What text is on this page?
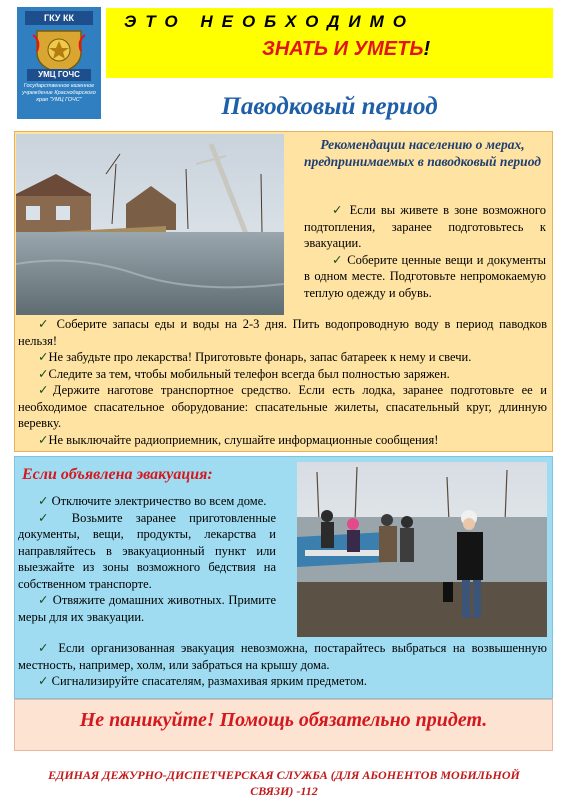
ГКУ КК
УМЦ ГОЧС
Государственное казенное учреждение Краснодарского края "УМЦ ГОЧС"
ЭТО НЕОБХОДИМО
ЗНАТЬ И УМЕТЬ!
Паводковый период
Рекомендации населению о мерах, предпринимаемых в паводковый период
✓ Если вы живете в зоне возможного подтопления, заранее подготовьтесь к эвакуации.
✓ Соберите ценные вещи и документы в одном месте. Подготовьте непромокаемую теплую одежду и обувь.
✓ Соберите запасы еды и воды на 2-3 дня. Пить водопроводную воду в период паводков нельзя!
✓Не забудьте про лекарства! Приготовьте фонарь, запас батареек к нему и свечи.
✓Следите за тем, чтобы мобильный телефон всегда был полностью заряжен.
✓Держите наготове транспортное средство. Если есть лодка, заранее подготовьте ее и необходимое спасательное оборудование: спасательные жилеты, спасательный круг, длинную веревку.
✓Не выключайте радиоприемник, слушайте информационные сообщения!
Если объявлена эвакуация:
✓ Отключите электричество во всем доме.
✓ Возьмите заранее приготовленные документы, вещи, продукты, лекарства и направляйтесь в эвакуационный пункт или выезжайте из зоны возможного бедствия на собственном транспорте.
✓ Отвяжите домашних животных. Примите меры для их эвакуации.
✓ Если организованная эвакуация невозможна, постарайтесь выбраться на возвышенную местность, например, холм, или забраться на крышу дома.
✓ Сигнализируйте спасателям, размахивая ярким предметом.
Не паникуйте! Помощь обязательно придет.
ЕДИНАЯ ДЕЖУРНО-ДИСПЕТЧЕРСКАЯ СЛУЖБА (ДЛЯ АБОНЕНТОВ МОБИЛЬНОЙ СВЯЗИ) -112
